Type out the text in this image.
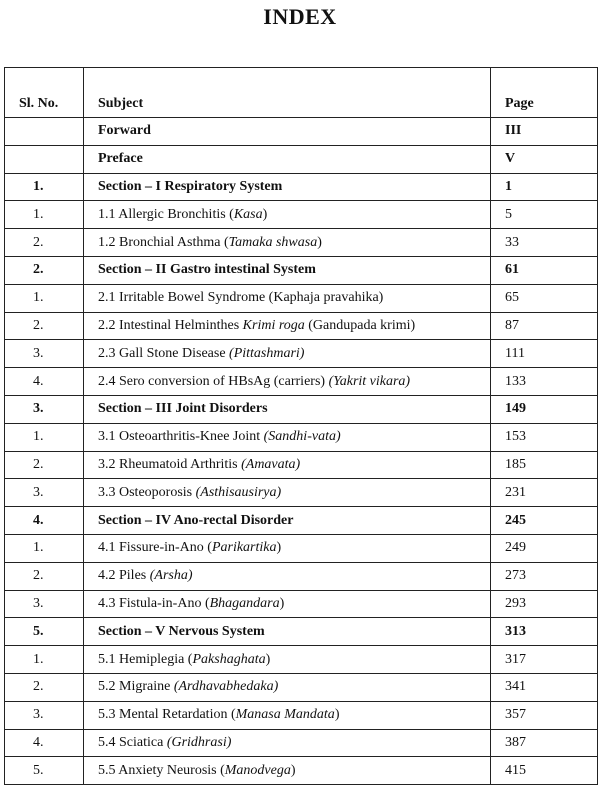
INDEX
Sl. No.	Subject	Page
	Forward	III
	Preface	V
1.	Section – I Respiratory System	1
1.	1.1 Allergic Bronchitis (Kasa)	5
2.	1.2 Bronchial Asthma (Tamaka shwasa)	33
2.	Section – II Gastro intestinal System	61
1.	2.1 Irritable Bowel Syndrome (Kaphaja pravahika)	65
2.	2.2 Intestinal Helminthes Krimi roga (Gandupada krimi)	87
3.	2.3 Gall Stone Disease (Pittashmari)	111
4.	2.4 Sero conversion of HBsAg (carriers) (Yakrit vikara)	133
3.	Section – III Joint Disorders	149
1.	3.1 Osteoarthritis-Knee Joint (Sandhi-vata)	153
2.	3.2 Rheumatoid Arthritis (Amavata)	185
3.	3.3 Osteoporosis (Asthisausirya)	231
4.	Section – IV Ano-rectal Disorder	245
1.	4.1 Fissure-in-Ano (Parikartika)	249
2.	4.2 Piles (Arsha)	273
3.	4.3 Fistula-in-Ano (Bhagandara)	293
5.	Section – V Nervous System	313
1.	5.1 Hemiplegia (Pakshaghata)	317
2.	5.2 Migraine (Ardhavabhedaka)	341
3.	5.3 Mental Retardation (Manasa Mandata)	357
4.	5.4 Sciatica (Gridhrasi)	387
5.	5.5 Anxiety Neurosis (Manodvega)	415
